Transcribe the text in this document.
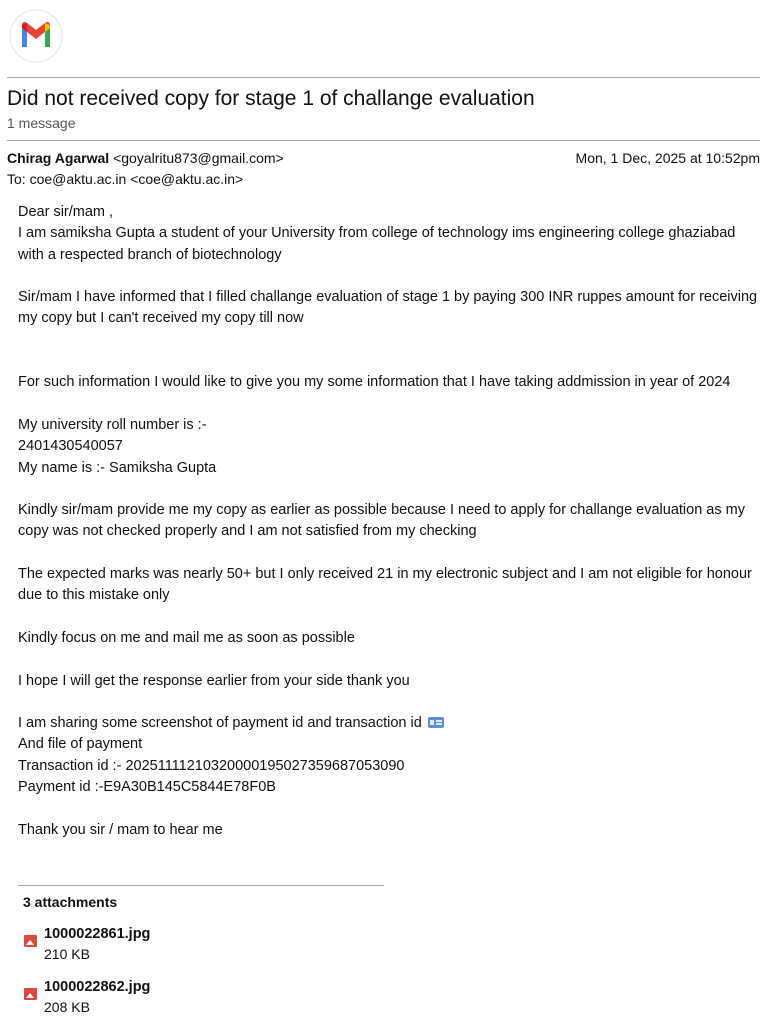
Did not received copy for stage 1 of challange evaluation
1 message
Chirag Agarwal <goyalritu873@gmail.com>	Mon, 1 Dec, 2025 at 10:52pm
To: coe@aktu.ac.in <coe@aktu.ac.in>

Dear sir/mam ,

I am samiksha Gupta a student of your University from college of technology ims engineering college ghaziabad with a respected branch of biotechnology

Sir/mam I have informed that I filled challange evaluation of stage 1 by paying 300 INR ruppes amount for receiving my copy but I can't received my copy till now

For such information I would like to give you my some information that I have taking addmission in year of 2024

My university roll number is :-

2401430540057

My name is :- Samiksha Gupta

Kindly sir/mam provide me my copy as earlier as possible because I need to apply for challange evaluation as my copy was not checked properly and I am not satisfied from my checking

The expected marks was nearly 50+ but I only received 21 in my electronic subject and I am not eligible for honour due to this mistake only

Kindly focus on me and mail me as soon as possible

I hope I will get the response earlier from your side thank you

I am sharing some screenshot of payment id and transaction id

And file of payment

Transaction id :- 20251111210320000195027359687053090

Payment id :-E9A30B145C5844E78F0B

Thank you sir / mam to hear me

3 attachments
1000022861.jpg
210 KB
1000022862.jpg
208 KB
